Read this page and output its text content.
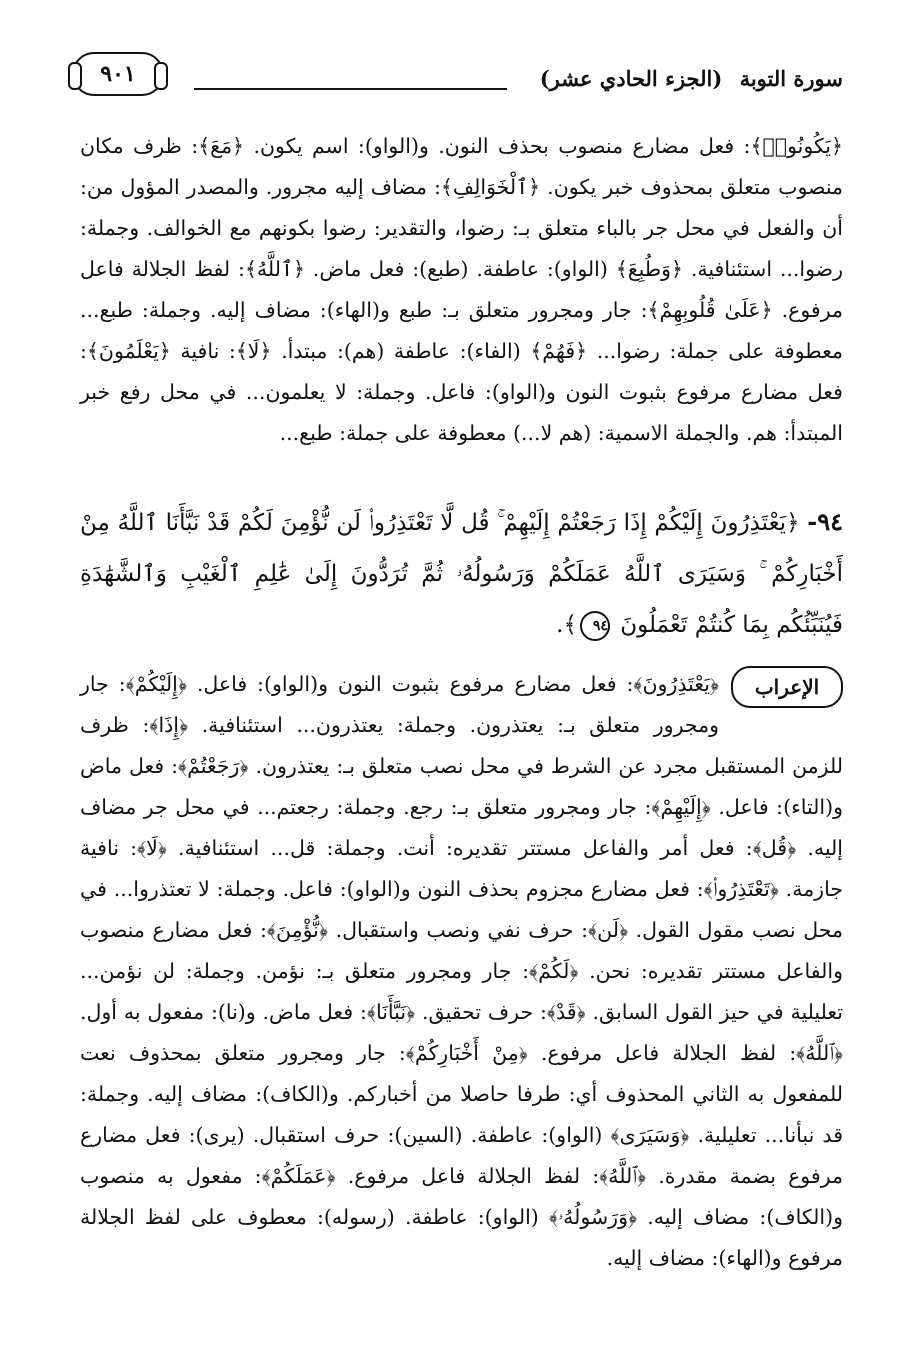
٩٠١	سورة التوبة (الجزء الحادي عشر)

﴿يَكُونُوا۟﴾: فعل مضارع منصوب بحذف النون. و(الواو): اسم يكون. ﴿مَعَ﴾: ظرف مكان منصوب متعلق بمحذوف خبر يكون. ﴿ٱلْخَوَالِفِ﴾: مضاف إليه مجرور. والمصدر المؤول من: أن والفعل في محل جر بالباء متعلق بـ: رضوا، والتقدير: رضوا بكونهم مع الخوالف. وجملة: رضوا... استئنافية. ﴿وَطُبِعَ﴾ (الواو): عاطفة. (طبع): فعل ماض. ﴿ٱللَّهُ﴾: لفظ الجلالة فاعل مرفوع. ﴿عَلَىٰ قُلُوبِهِمْ﴾: جار ومجرور متعلق بـ: طبع و(الهاء): مضاف إليه. وجملة: طبع... معطوفة على جملة: رضوا... ﴿فَهُمْ﴾ (الفاء): عاطفة (هم): مبتدأ. ﴿لَا﴾: نافية ﴿يَعْلَمُونَ﴾: فعل مضارع مرفوع بثبوت النون و(الواو): فاعل. وجملة: لا يعلمون... في محل رفع خبر المبتدأ: هم. والجملة الاسمية: (هم لا...) معطوفة على جملة: طبع...

٩٤- ﴿يَعْتَذِرُونَ إِلَيْكُمْ إِذَا رَجَعْتُمْ إِلَيْهِمْ ۚ قُل لَّا تَعْتَذِرُوا۟ لَن نُّؤْمِنَ لَكُمْ قَدْ نَبَّأَنَا ٱللَّهُ مِنْ أَخْبَارِكُمْ ۚ وَسَيَرَى ٱللَّهُ عَمَلَكُمْ وَرَسُولُهُۥ ثُمَّ تُرَدُّونَ إِلَىٰ عَٰلِمِ ٱلْغَيْبِ وَٱلشَّهَٰدَةِ فَيُنَبِّئُكُم بِمَا كُنتُمْ تَعْمَلُونَ ٩٤﴾.
الإعراب

﴿يَعْتَذِرُونَ﴾: فعل مضارع مرفوع بثبوت النون و(الواو): فاعل. ﴿إِلَيْكُمْ﴾: جار ومجرور متعلق بـ: يعتذرون. وجملة: يعتذرون... استئنافية. ﴿إِذَا﴾: ظرف للزمن المستقبل مجرد عن الشرط في محل نصب متعلق بـ: يعتذرون. ﴿رَجَعْتُمْ﴾: فعل ماض و(التاء): فاعل. ﴿إِلَيْهِمْ﴾: جار ومجرور متعلق بـ: رجع. وجملة: رجعتم... في محل جر مضاف إليه. ﴿قُل﴾: فعل أمر والفاعل مستتر تقديره: أنت. وجملة: قل... استئنافية. ﴿لَا﴾: نافية جازمة. ﴿تَعْتَذِرُوا۟﴾: فعل مضارع مجزوم بحذف النون و(الواو): فاعل. وجملة: لا تعتذروا... في محل نصب مقول القول. ﴿لَن﴾: حرف نفي ونصب واستقبال. ﴿نُّؤْمِنَ﴾: فعل مضارع منصوب والفاعل مستتر تقديره: نحن. ﴿لَكُمْ﴾: جار ومجرور متعلق بـ: نؤمن. وجملة: لن نؤمن... تعليلية في حيز القول السابق. ﴿قَدْ﴾: حرف تحقيق. ﴿نَبَّأَنَا﴾: فعل ماض. و(نا): مفعول به أول. ﴿ٱللَّهُ﴾: لفظ الجلالة فاعل مرفوع. ﴿مِنْ أَخْبَارِكُمْ﴾: جار ومجرور متعلق بمحذوف نعت للمفعول به الثاني المحذوف أي: طرفا حاصلا من أخباركم. و(الكاف): مضاف إليه. وجملة: قد نبأنا... تعليلية. ﴿وَسَيَرَى﴾ (الواو): عاطفة. (السين): حرف استقبال. (يرى): فعل مضارع مرفوع بضمة مقدرة. ﴿ٱللَّهُ﴾: لفظ الجلالة فاعل مرفوع. ﴿عَمَلَكُمْ﴾: مفعول به منصوب و(الكاف): مضاف إليه. ﴿وَرَسُولُهُۥ﴾ (الواو): عاطفة. (رسوله): معطوف على لفظ الجلالة مرفوع و(الهاء): مضاف إليه.
